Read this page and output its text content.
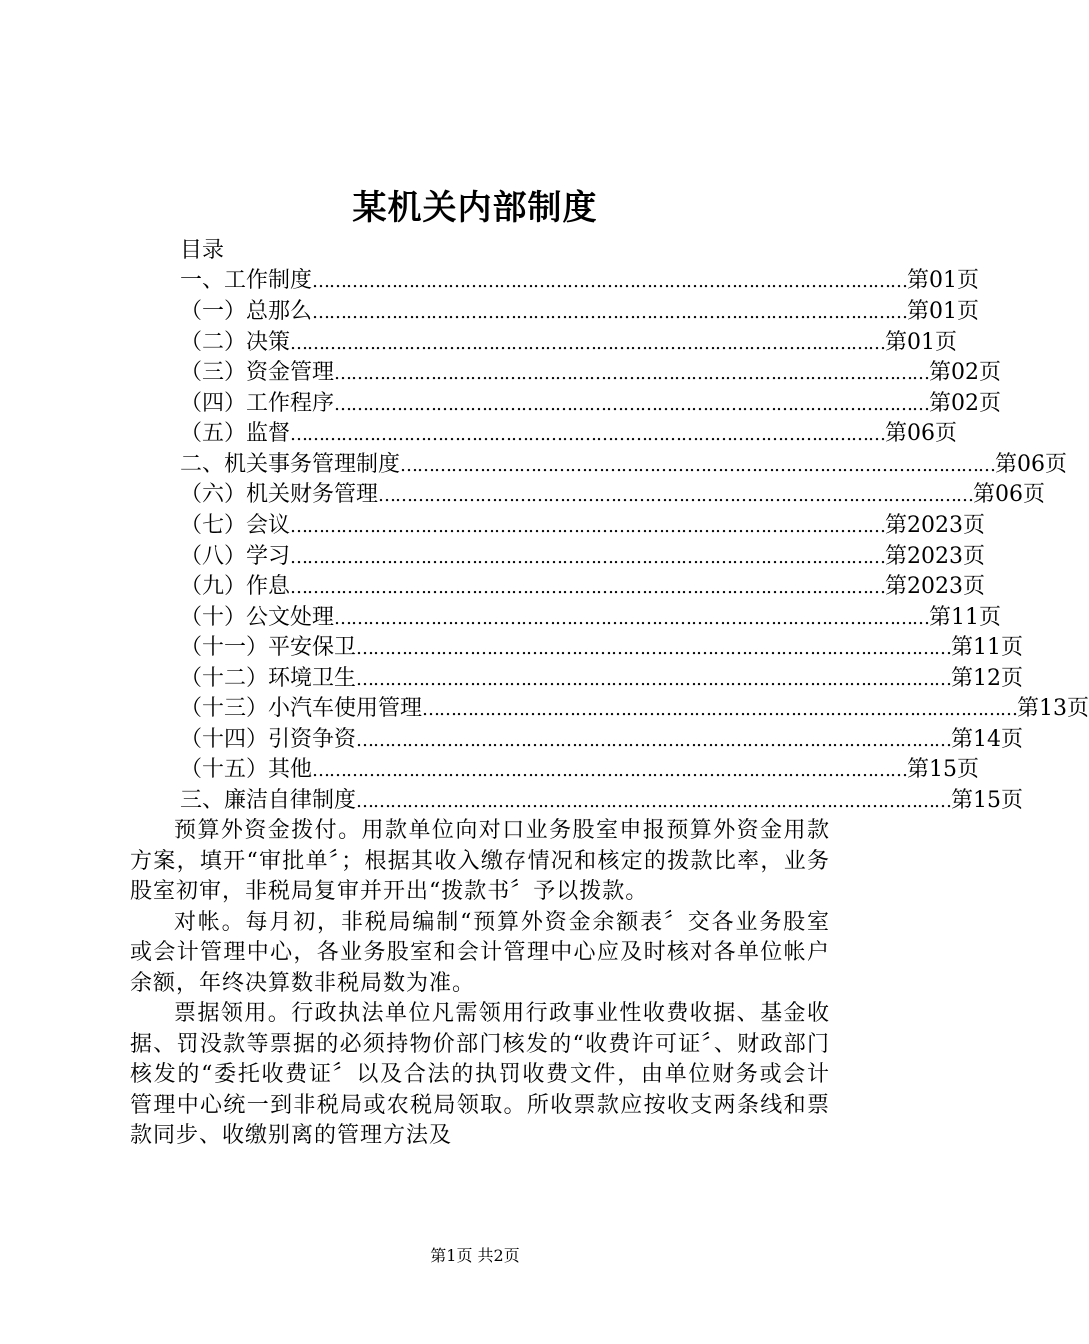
某机关内部制度
目录
一、工作制度 …………………………………………………………………………………………… 第01页
（一）总那么 …………………………………………………………………………………………… 第01页
（二）决策 …………………………………………………………………………………………… 第01页
（三）资金管理 …………………………………………………………………………………………… 第02页
（四）工作程序 …………………………………………………………………………………………… 第02页
（五）监督 …………………………………………………………………………………………… 第06页
二、机关事务管理制度 …………………………………………………………………………………………… 第06页
（六）机关财务管理 …………………………………………………………………………………………… 第06页
（七）会议 …………………………………………………………………………………………… 第2023页
（八）学习 …………………………………………………………………………………………… 第2023页
（九）作息 …………………………………………………………………………………………… 第2023页
（十）公文处理 …………………………………………………………………………………………… 第11页
（十一）平安保卫 …………………………………………………………………………………………… 第11页
（十二）环境卫生 …………………………………………………………………………………………… 第12页
（十三）小汽车使用管理 …………………………………………………………………………………………… 第13页
（十四）引资争资 …………………………………………………………………………………………… 第14页
（十五）其他 …………………………………………………………………………………………… 第15页
三、廉洁自律制度 …………………………………………………………………………………………… 第15页

预算外资金拨付。用款单位向对口业务股室申报预算外资金用款方案，填开“审批单〞；根据其收入缴存情况和核定的拨款比率，业务股室初审，非税局复审并开出“拨款书〞予以拨款。

对帐。每月初，非税局编制“预算外资金余额表〞交各业务股室或会计管理中心，各业务股室和会计管理中心应及时核对各单位帐户余额，年终决算数非税局数为准。

票据领用。行政执法单位凡需领用行政事业性收费收据、基金收据、罚没款等票据的必须持物价部门核发的“收费许可证〞、财政部门核发的“委托收费证〞以及合法的执罚收费文件，由单位财务或会计管理中心统一到非税局或农税局领取。所收票款应按收支两条线和票款同步、收缴别离的管理方法及

第1页 共2页
